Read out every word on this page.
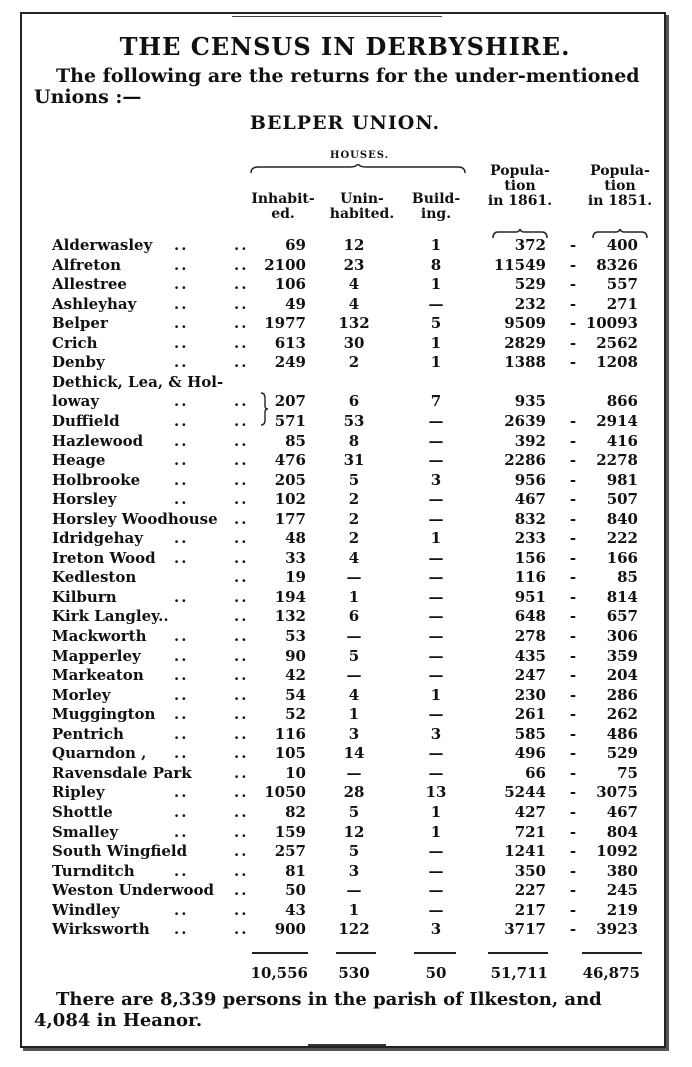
THE CENSUS IN DERBYSHIRE.
The following are the returns for the under-mentioned
Unions :—
BELPER UNION.
HOUSES.
Inhabit-
ed.
Unin-
habited.
Build-
ing.
Popula-
tion
in 1861.
Popula-
tion
in 1851.
Alderwasley ..	..	69	12	1	372 -	400
Alfreton	..	..	2100	23	8	11549 -	8326
Allestree	..	..	106	4	1	529 -	557
Ashleyhay	..	..	49	4	—	232 -	271
Belper	..	..	1977	132	5	9509 - 10093
Crich	..	..	613	30	1	2829 -	2562
Denby	..	..	249	2	1	1388 -	1208
Dethick, Lea, & Hol-
loway	..	..	207	6	7	935	866
Duffield	..	..	571	53	—	2639 -	2914
Hazlewood ..	..	85	8	—	392 -	416
Heage	..	..	476	31	—	2286 -	2278
Holbrooke ..	..	205	5	3	956 -	981
Horsley	..	..	102	2	—	467 -	507
Horsley Woodhouse ..	177	2	—	832 -	840
Idridgehay ..	..	48	2	1	233 -	222
Ireton Wood ..	..	33	4	—	156 -	166
Kedleston	..	19	—	—	116 -	85
Kilburn	..	..	194	1	—	951 -	814
Kirk Langley..	..	132	6	—	648 -	657
Mackworth ..	..	53	—	—	278 -	306
Mapperley ..	..	90	5	—	435 -	359
Markeaton ..	..	42	—	—	247 -	204
Morley	..	..	54	4	1	230 -	286
Muggington ..	..	52	1	—	261 -	262
Pentrich	..	..	116	3	3	585 -	486
Quarndon , ..	..	105	14	—	496 -	529
Ravensdale Park	..	10	—	—	66 -	75
Ripley	..	..	1050	28	13	5244 -	3075
Shottle	..	..	82	5	1	427 -	467
Smalley	..	..	159	12	1	721 -	804
South Wingfield	..	257	5	—	1241 -	1092
Turnditch	..	..	81	3	—	350 -	380
Weston Underwood ..	50	—	—	227 -	245
Windley	..	..	43	1	—	217 -	219
Wirksworth ..	..	900	122	3	3717 -	3923
10,556	530	50	51,711	46,875
There are 8,339 persons in the parish of Ilkeston, and
4,084 in Heanor.
